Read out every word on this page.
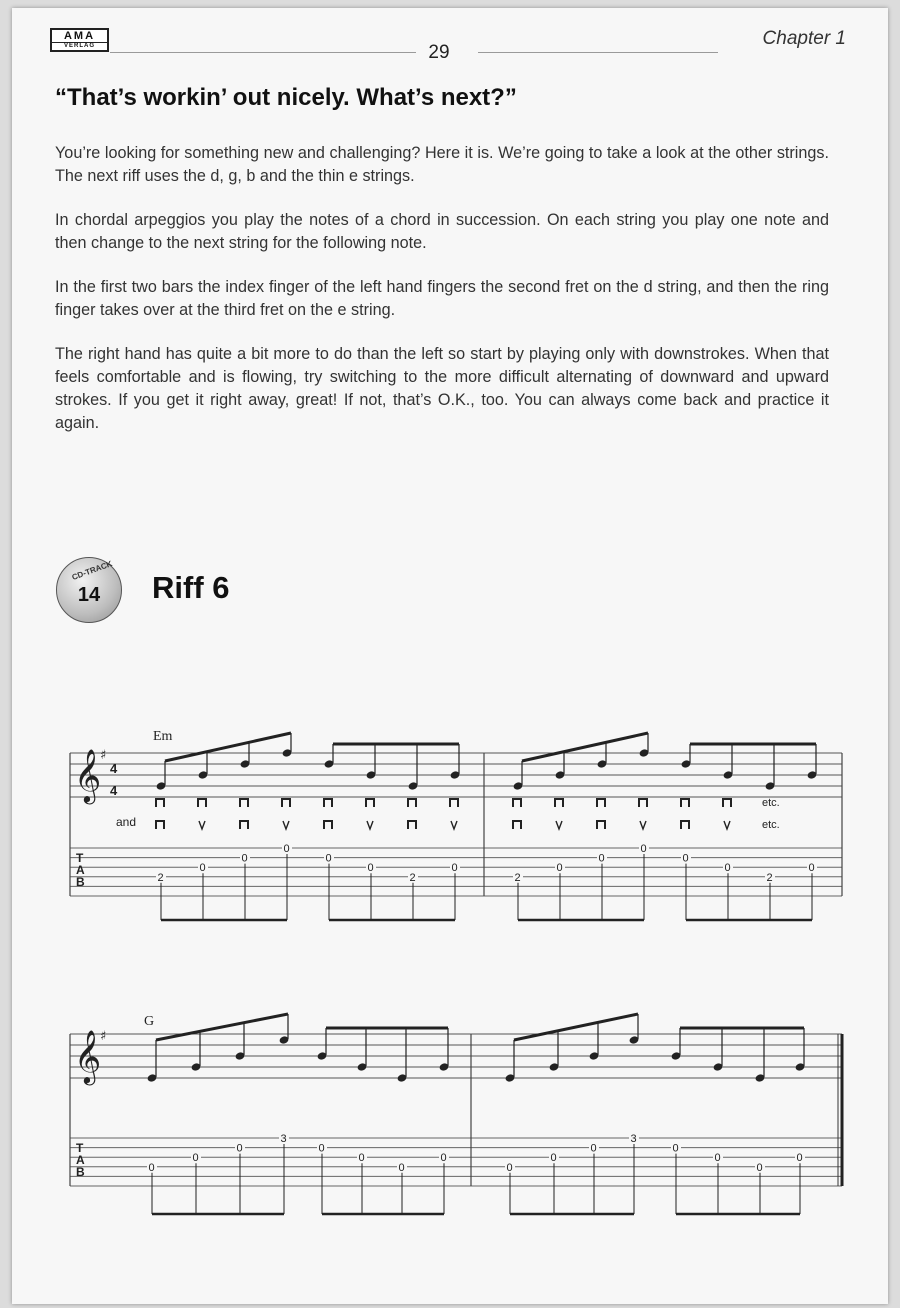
AMA
VERLAG	29
Chapter 1
“That’s workin’ out nicely. What’s next?”

You’re looking for something new and challenging? Here it is. We’re going to take a look at the other strings. The next riff uses the d, g, b and the thin e strings.

In chordal arpeggios you play the notes of a chord in succession. On each string you play one note and then change to the next string for the following note.

In the first two bars the index finger of the left hand fingers the second fret on the d string, and then the ring finger takes over at the third fret on the e string.

The right hand has quite a bit more to do than the left so start by playing only with downstrokes. When that feels comfortable and is flowing, try switching to the more difficult alternating of downward and upward strokes. If you get it right away, great! If not, that’s O.K., too. You can always come back and practice it again.

CD-TRACK
14	Riff 6
𝄞
♯
4
4
Em
T
A
B
and
etc.
etc.
2
0
0
0
0
0
2
0
2
0
0
0
0
0
2
0
𝄞
♯
G
T
A
B	0
0
0
3
0
0
0
0
0
0
0
3
0
0
0
0
